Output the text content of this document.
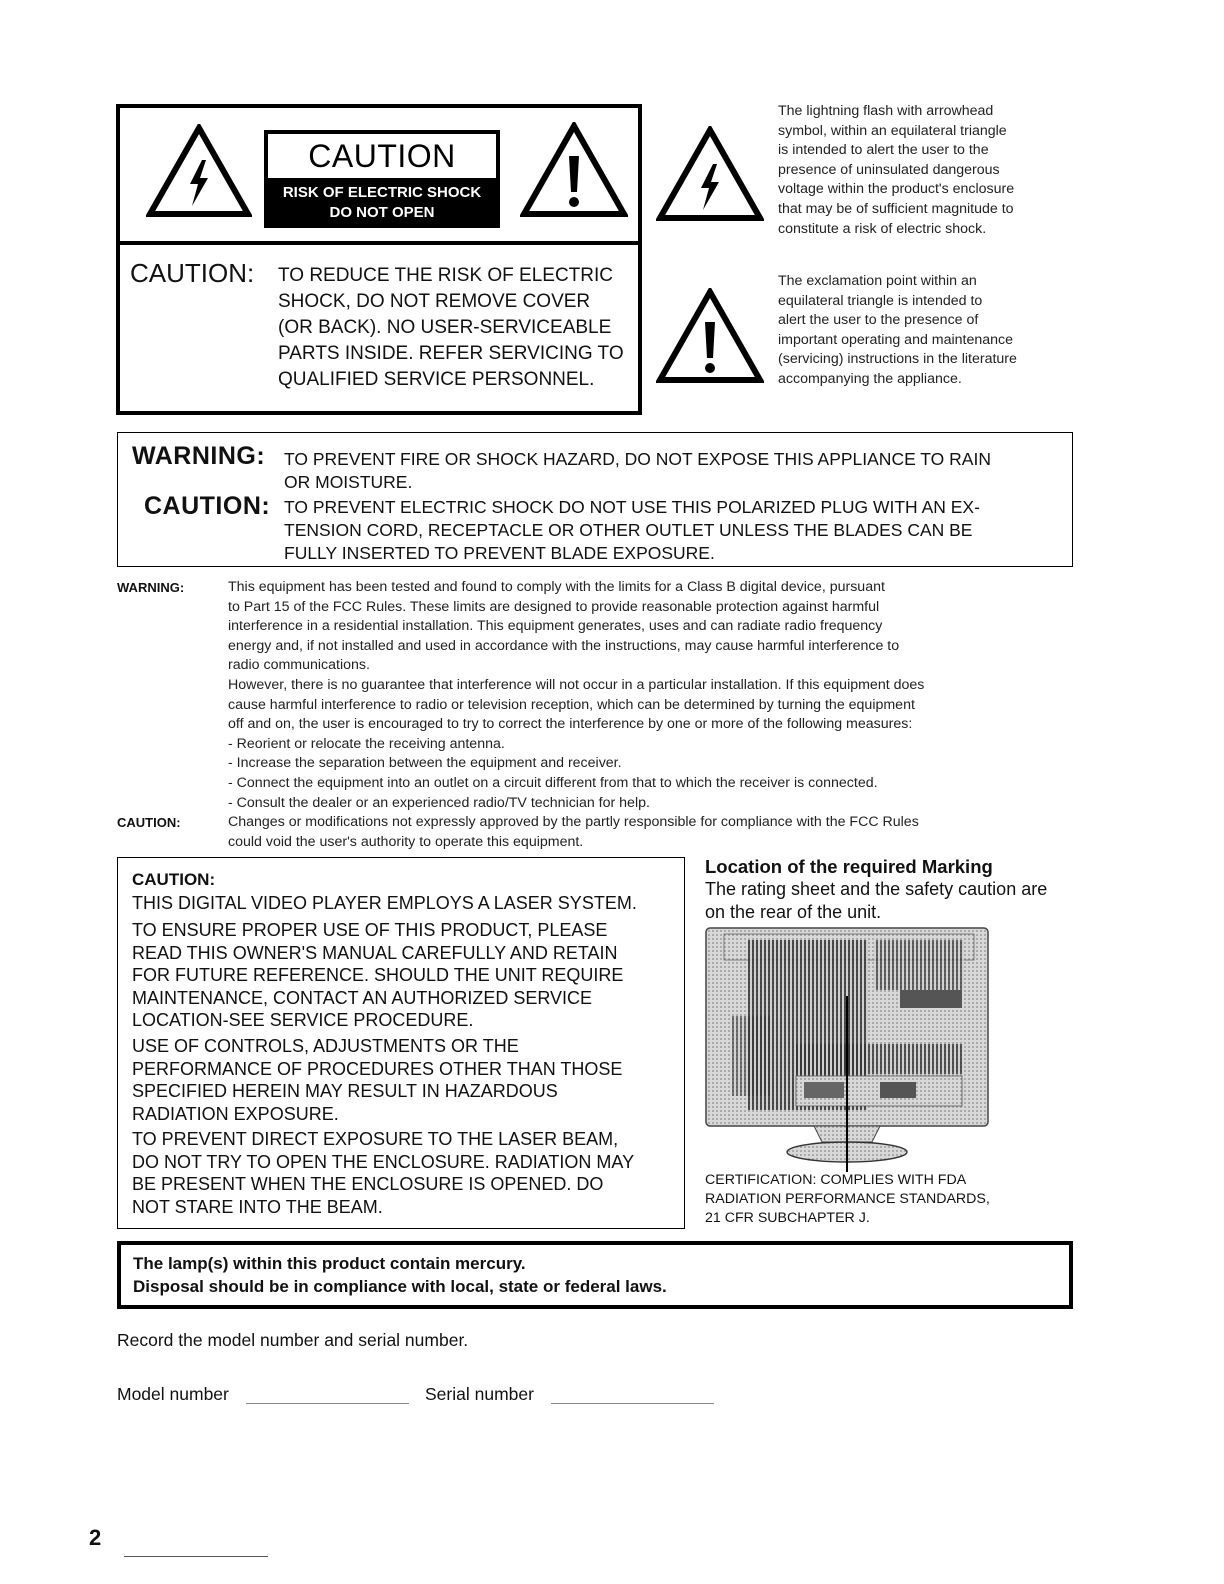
CAUTION
RISK OF ELECTRIC SHOCK
DO NOT OPEN
CAUTION: TO REDUCE THE RISK OF ELECTRIC
SHOCK, DO NOT REMOVE COVER
(OR BACK). NO USER-SERVICEABLE
PARTS INSIDE. REFER SERVICING TO
QUALIFIED SERVICE PERSONNEL.
The lightning flash with arrowhead
symbol, within an equilateral triangle
is intended to alert the user to the
presence of uninsulated dangerous
voltage within the product's enclosure
that may be of sufficient magnitude to
constitute a risk of electric shock.
The exclamation point within an
equilateral triangle is intended to
alert the user to the presence of
important operating and maintenance
(servicing) instructions in the literature
accompanying the appliance.
WARNING: TO PREVENT FIRE OR SHOCK HAZARD, DO NOT EXPOSE THIS APPLIANCE TO RAIN
OR MOISTURE.
CAUTION: TO PREVENT ELECTRIC SHOCK DO NOT USE THIS POLARIZED PLUG WITH AN EX-
TENSION CORD, RECEPTACLE OR OTHER OUTLET UNLESS THE BLADES CAN BE
FULLY INSERTED TO PREVENT BLADE EXPOSURE.
WARNING:	This equipment has been tested and found to comply with the limits for a Class B digital device, pursuant
to Part 15 of the FCC Rules. These limits are designed to provide reasonable protection against harmful
interference in a residential installation. This equipment generates, uses and can radiate radio frequency
energy and, if not installed and used in accordance with the instructions, may cause harmful interference to
radio communications.
However, there is no guarantee that interference will not occur in a particular installation. If this equipment does
cause harmful interference to radio or television reception, which can be determined by turning the equipment
off and on, the user is encouraged to try to correct the interference by one or more of the following measures:
- Reorient or relocate the receiving antenna.
- Increase the separation between the equipment and receiver.
- Connect the equipment into an outlet on a circuit different from that to which the receiver is connected.
- Consult the dealer or an experienced radio/TV technician for help.
CAUTION:	Changes or modifications not expressly approved by the partly responsible for compliance with the FCC Rules
could void the user's authority to operate this equipment.
CAUTION:
THIS DIGITAL VIDEO PLAYER EMPLOYS A LASER SYSTEM.
TO ENSURE PROPER USE OF THIS PRODUCT, PLEASE
READ THIS OWNER'S MANUAL CAREFULLY AND RETAIN
FOR FUTURE REFERENCE. SHOULD THE UNIT REQUIRE
MAINTENANCE, CONTACT AN AUTHORIZED SERVICE
LOCATION-SEE SERVICE PROCEDURE.
USE OF CONTROLS, ADJUSTMENTS OR THE
PERFORMANCE OF PROCEDURES OTHER THAN THOSE
SPECIFIED HEREIN MAY RESULT IN HAZARDOUS
RADIATION EXPOSURE.
TO PREVENT DIRECT EXPOSURE TO THE LASER BEAM,
DO NOT TRY TO OPEN THE ENCLOSURE. RADIATION MAY
BE PRESENT WHEN THE ENCLOSURE IS OPENED. DO
NOT STARE INTO THE BEAM.
Location of the required Marking
The rating sheet and the safety caution are
on the rear of the unit.
CERTIFICATION: COMPLIES WITH FDA
RADIATION PERFORMANCE STANDARDS,
21 CFR SUBCHAPTER J.
The lamp(s) within this product contain mercury.
Disposal should be in compliance with local, state or federal laws.
Record the model number and serial number.
Model number	Serial number
2
